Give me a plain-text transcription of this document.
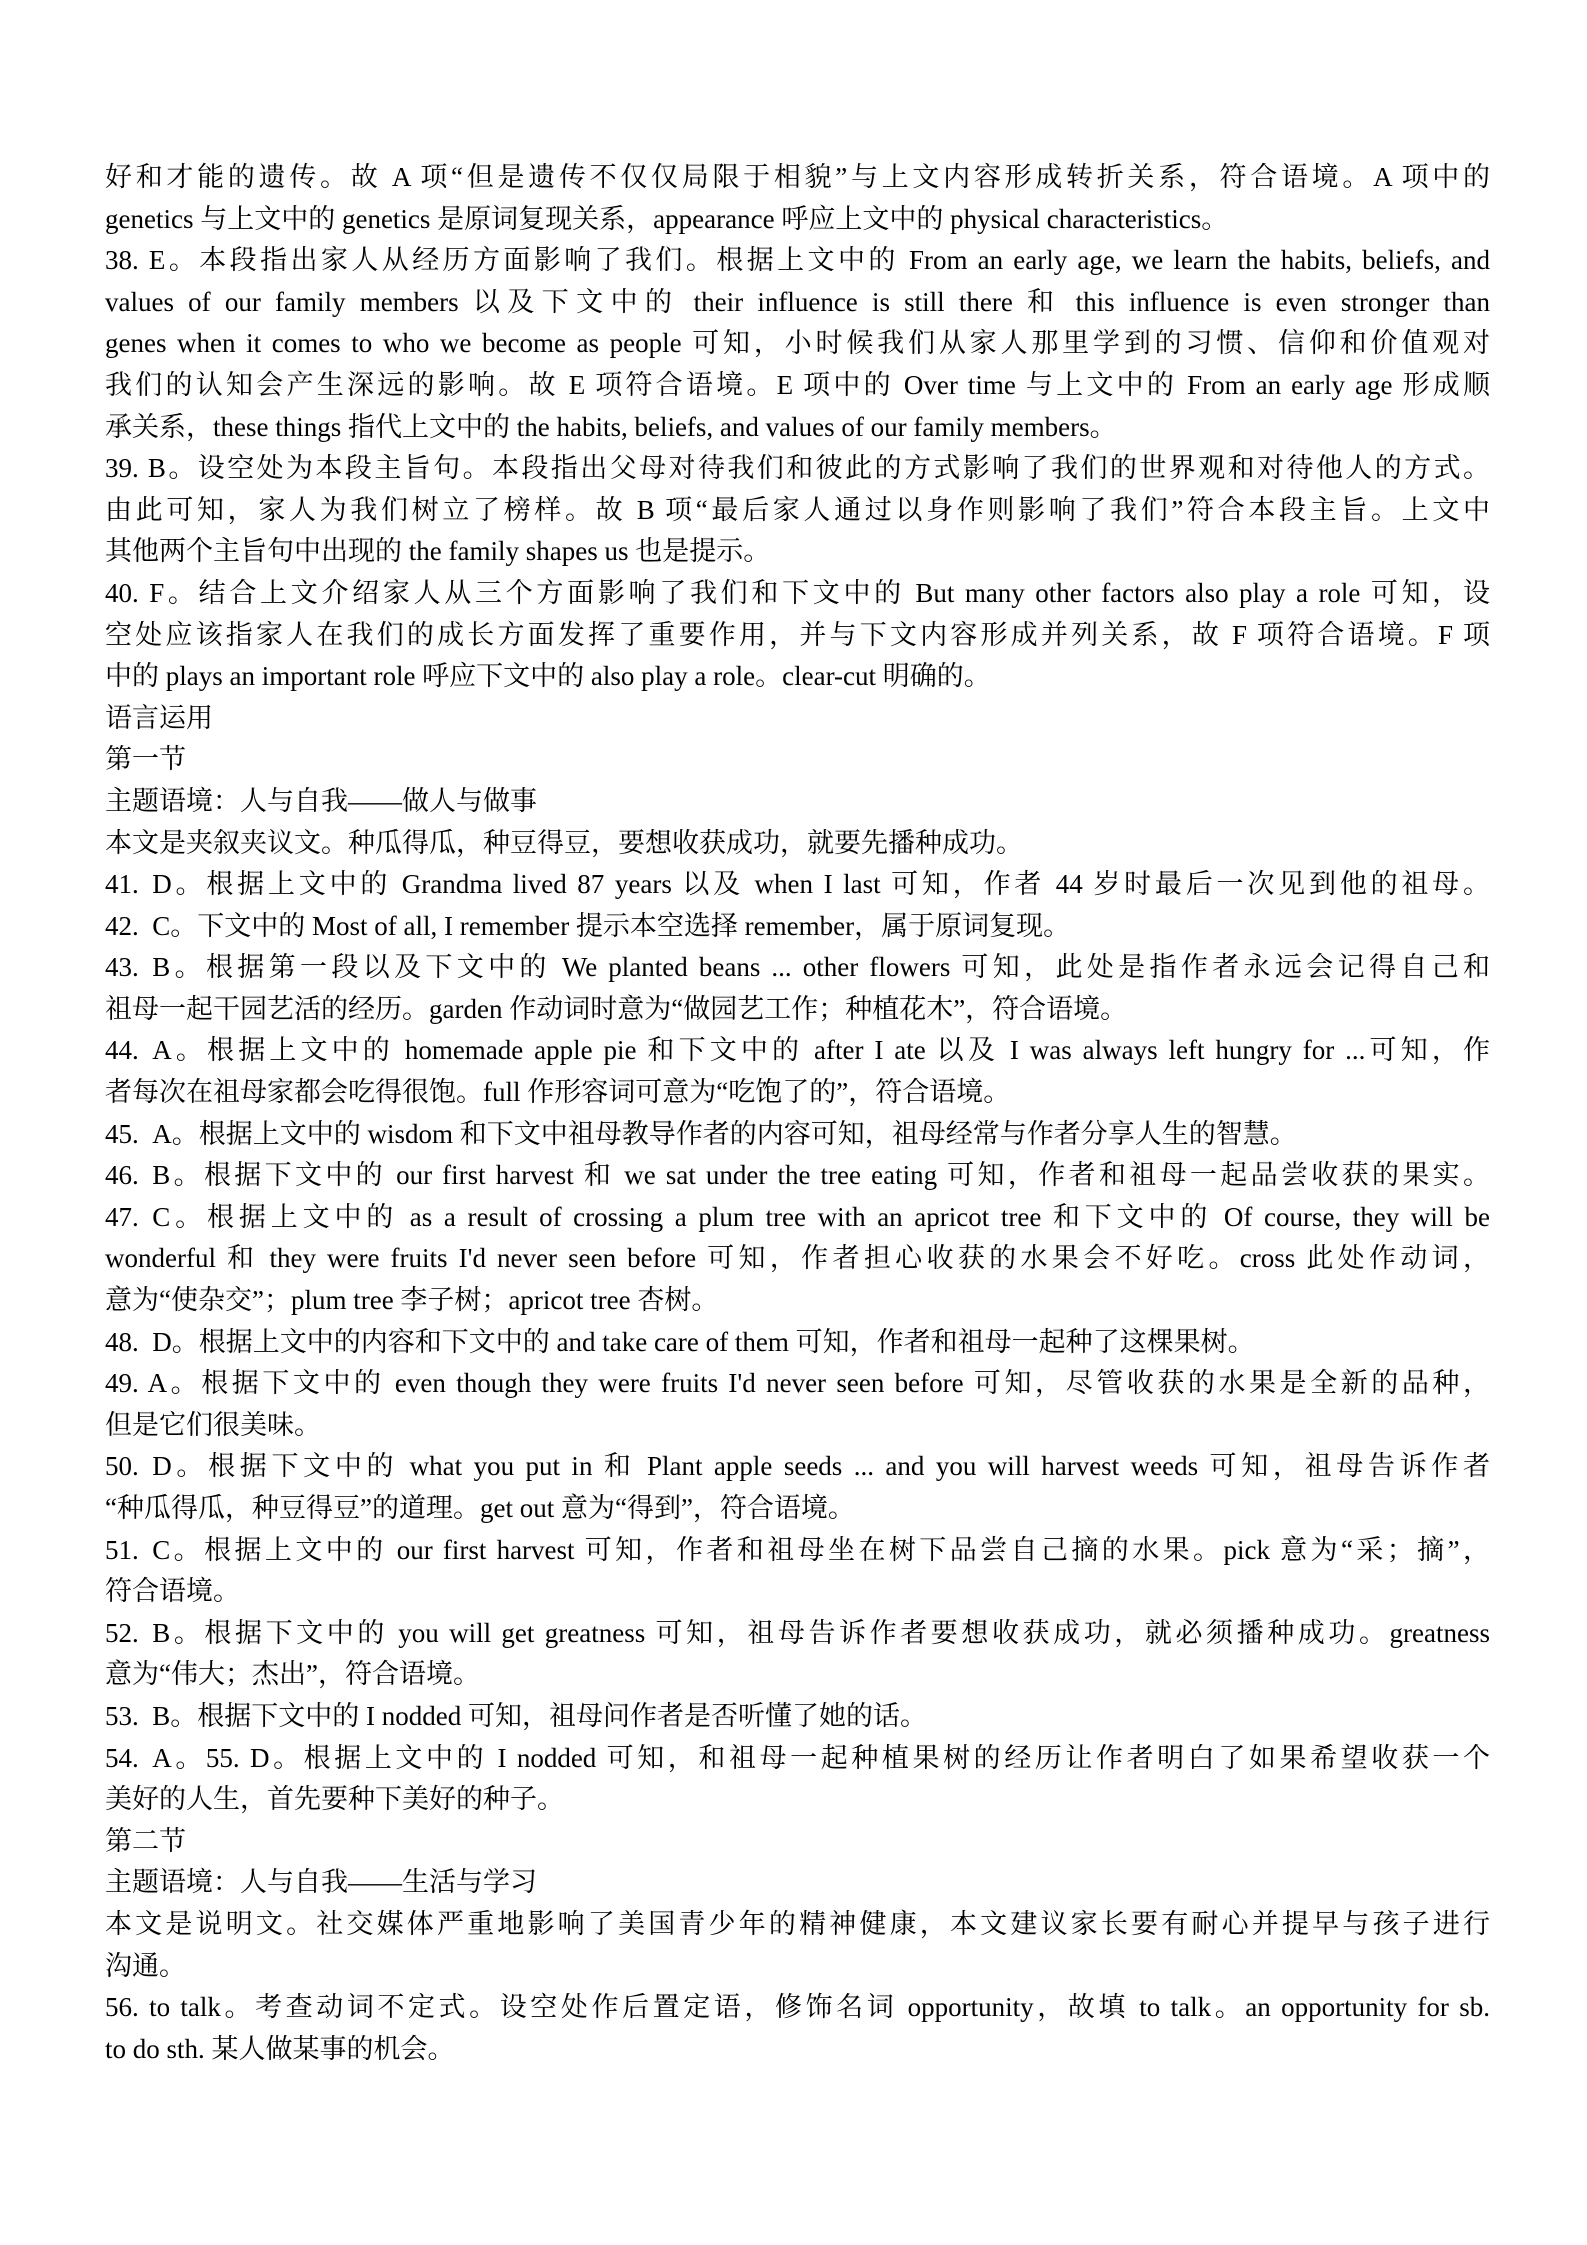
好和才能的遗传。故 A 项“但是遗传不仅仅局限于相貌”与上文内容形成转折关系，符合语境。A 项中的
genetics 与上文中的 genetics 是原词复现关系，appearance 呼应上文中的 physical characteristics。
38. E。本段指出家人从经历方面影响了我们。根据上文中的 From an early age, we learn the habits, beliefs, and
values of our family members 以及下文中的 their influence is still there 和 this influence is even stronger than
genes when it comes to who we become as people 可知，小时候我们从家人那里学到的习惯、信仰和价值观对
我们的认知会产生深远的影响。故 E 项符合语境。E 项中的 Over time 与上文中的 From an early age 形成顺
承关系，these things 指代上文中的 the habits, beliefs, and values of our family members。
39. B。设空处为本段主旨句。本段指出父母对待我们和彼此的方式影响了我们的世界观和对待他人的方式。
由此可知，家人为我们树立了榜样。故 B 项“最后家人通过以身作则影响了我们”符合本段主旨。上文中
其他两个主旨句中出现的 the family shapes us 也是提示。
40. F。结合上文介绍家人从三个方面影响了我们和下文中的 But many other factors also play a role 可知，设
空处应该指家人在我们的成长方面发挥了重要作用，并与下文内容形成并列关系，故 F 项符合语境。F 项
中的 plays an important role 呼应下文中的 also play a role。clear-cut 明确的。
语言运用
第一节
主题语境：人与自我——做人与做事
本文是夹叙夹议文。种瓜得瓜，种豆得豆，要想收获成功，就要先播种成功。
41. D。根据上文中的 Grandma lived 87 years 以及 when I last 可知，作者 44 岁时最后一次见到他的祖母。
42. C。下文中的 Most of all, I remember 提示本空选择 remember，属于原词复现。
43. B。根据第一段以及下文中的 We planted beans ... other flowers 可知，此处是指作者永远会记得自己和
祖母一起干园艺活的经历。garden 作动词时意为“做园艺工作；种植花木”，符合语境。
44. A。根据上文中的 homemade apple pie 和下文中的 after I ate 以及 I was always left hungry for ...可知，作
者每次在祖母家都会吃得很饱。full 作形容词可意为“吃饱了的”，符合语境。
45. A。根据上文中的 wisdom 和下文中祖母教导作者的内容可知，祖母经常与作者分享人生的智慧。
46. B。根据下文中的 our first harvest 和 we sat under the tree eating 可知，作者和祖母一起品尝收获的果实。
47. C。根据上文中的 as a result of crossing a plum tree with an apricot tree 和下文中的 Of course, they will be
wonderful 和 they were fruits I'd never seen before 可知，作者担心收获的水果会不好吃。cross 此处作动词，
意为“使杂交”；plum tree 李子树；apricot tree 杏树。
48. D。根据上文中的内容和下文中的 and take care of them 可知，作者和祖母一起种了这棵果树。
49. A。根据下文中的 even though they were fruits I'd never seen before 可知，尽管收获的水果是全新的品种，
但是它们很美味。
50. D。根据下文中的 what you put in 和 Plant apple seeds ... and you will harvest weeds 可知，祖母告诉作者
“种瓜得瓜，种豆得豆”的道理。get out 意为“得到”，符合语境。
51. C。根据上文中的 our first harvest 可知，作者和祖母坐在树下品尝自己摘的水果。pick 意为“采；摘”，
符合语境。
52. B。根据下文中的 you will get greatness 可知，祖母告诉作者要想收获成功，就必须播种成功。greatness
意为“伟大；杰出”，符合语境。
53. B。根据下文中的 I nodded 可知，祖母问作者是否听懂了她的话。
54. A。55. D。根据上文中的 I nodded 可知，和祖母一起种植果树的经历让作者明白了如果希望收获一个
美好的人生，首先要种下美好的种子。
第二节
主题语境：人与自我——生活与学习
本文是说明文。社交媒体严重地影响了美国青少年的精神健康，本文建议家长要有耐心并提早与孩子进行
沟通。
56. to talk。考查动词不定式。设空处作后置定语，修饰名词 opportunity，故填 to talk。an opportunity for sb.
to do sth. 某人做某事的机会。
